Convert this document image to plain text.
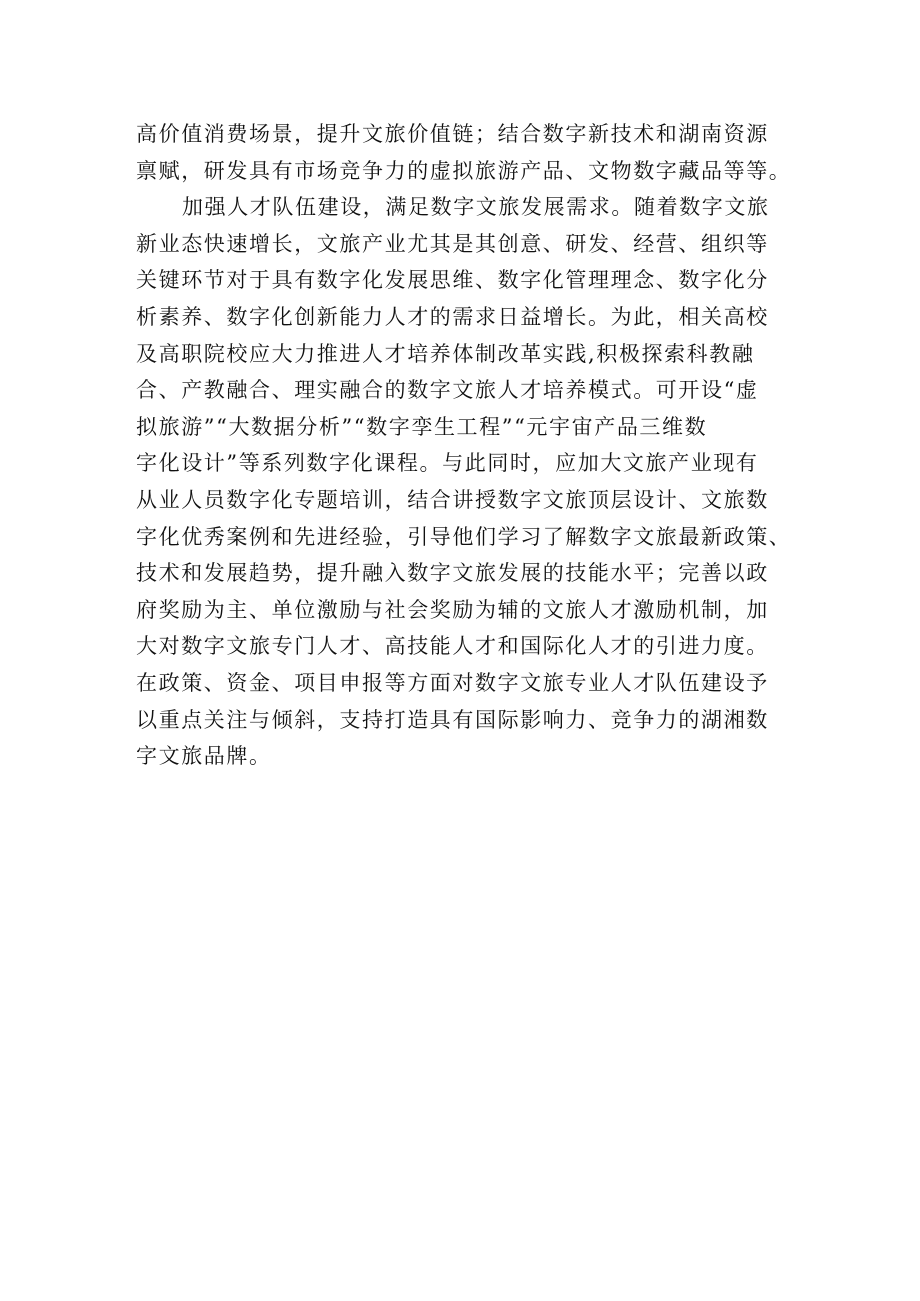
高价值消费场景，提升文旅价值链；结合数字新技术和湖南资源
禀赋，研发具有市场竞争力的虚拟旅游产品、文物数字藏品等等。
加强人才队伍建设，满足数字文旅发展需求。随着数字文旅
新业态快速增长，文旅产业尤其是其创意、研发、经营、组织等
关键环节对于具有数字化发展思维、数字化管理理念、数字化分
析素养、数字化创新能力人才的需求日益增长。为此，相关高校
及高职院校应大力推进人才培养体制改革实践,积极探索科教融
合、产教融合、理实融合的数字文旅人才培养模式。可开设“虚
拟旅游”“大数据分析”“数字孪生工程”“元宇宙产品三维数
字化设计”等系列数字化课程。与此同时，应加大文旅产业现有
从业人员数字化专题培训，结合讲授数字文旅顶层设计、文旅数
字化优秀案例和先进经验，引导他们学习了解数字文旅最新政策、
技术和发展趋势，提升融入数字文旅发展的技能水平；完善以政
府奖励为主、单位激励与社会奖励为辅的文旅人才激励机制，加
大对数字文旅专门人才、高技能人才和国际化人才的引进力度。
在政策、资金、项目申报等方面对数字文旅专业人才队伍建设予
以重点关注与倾斜，支持打造具有国际影响力、竞争力的湖湘数
字文旅品牌。
